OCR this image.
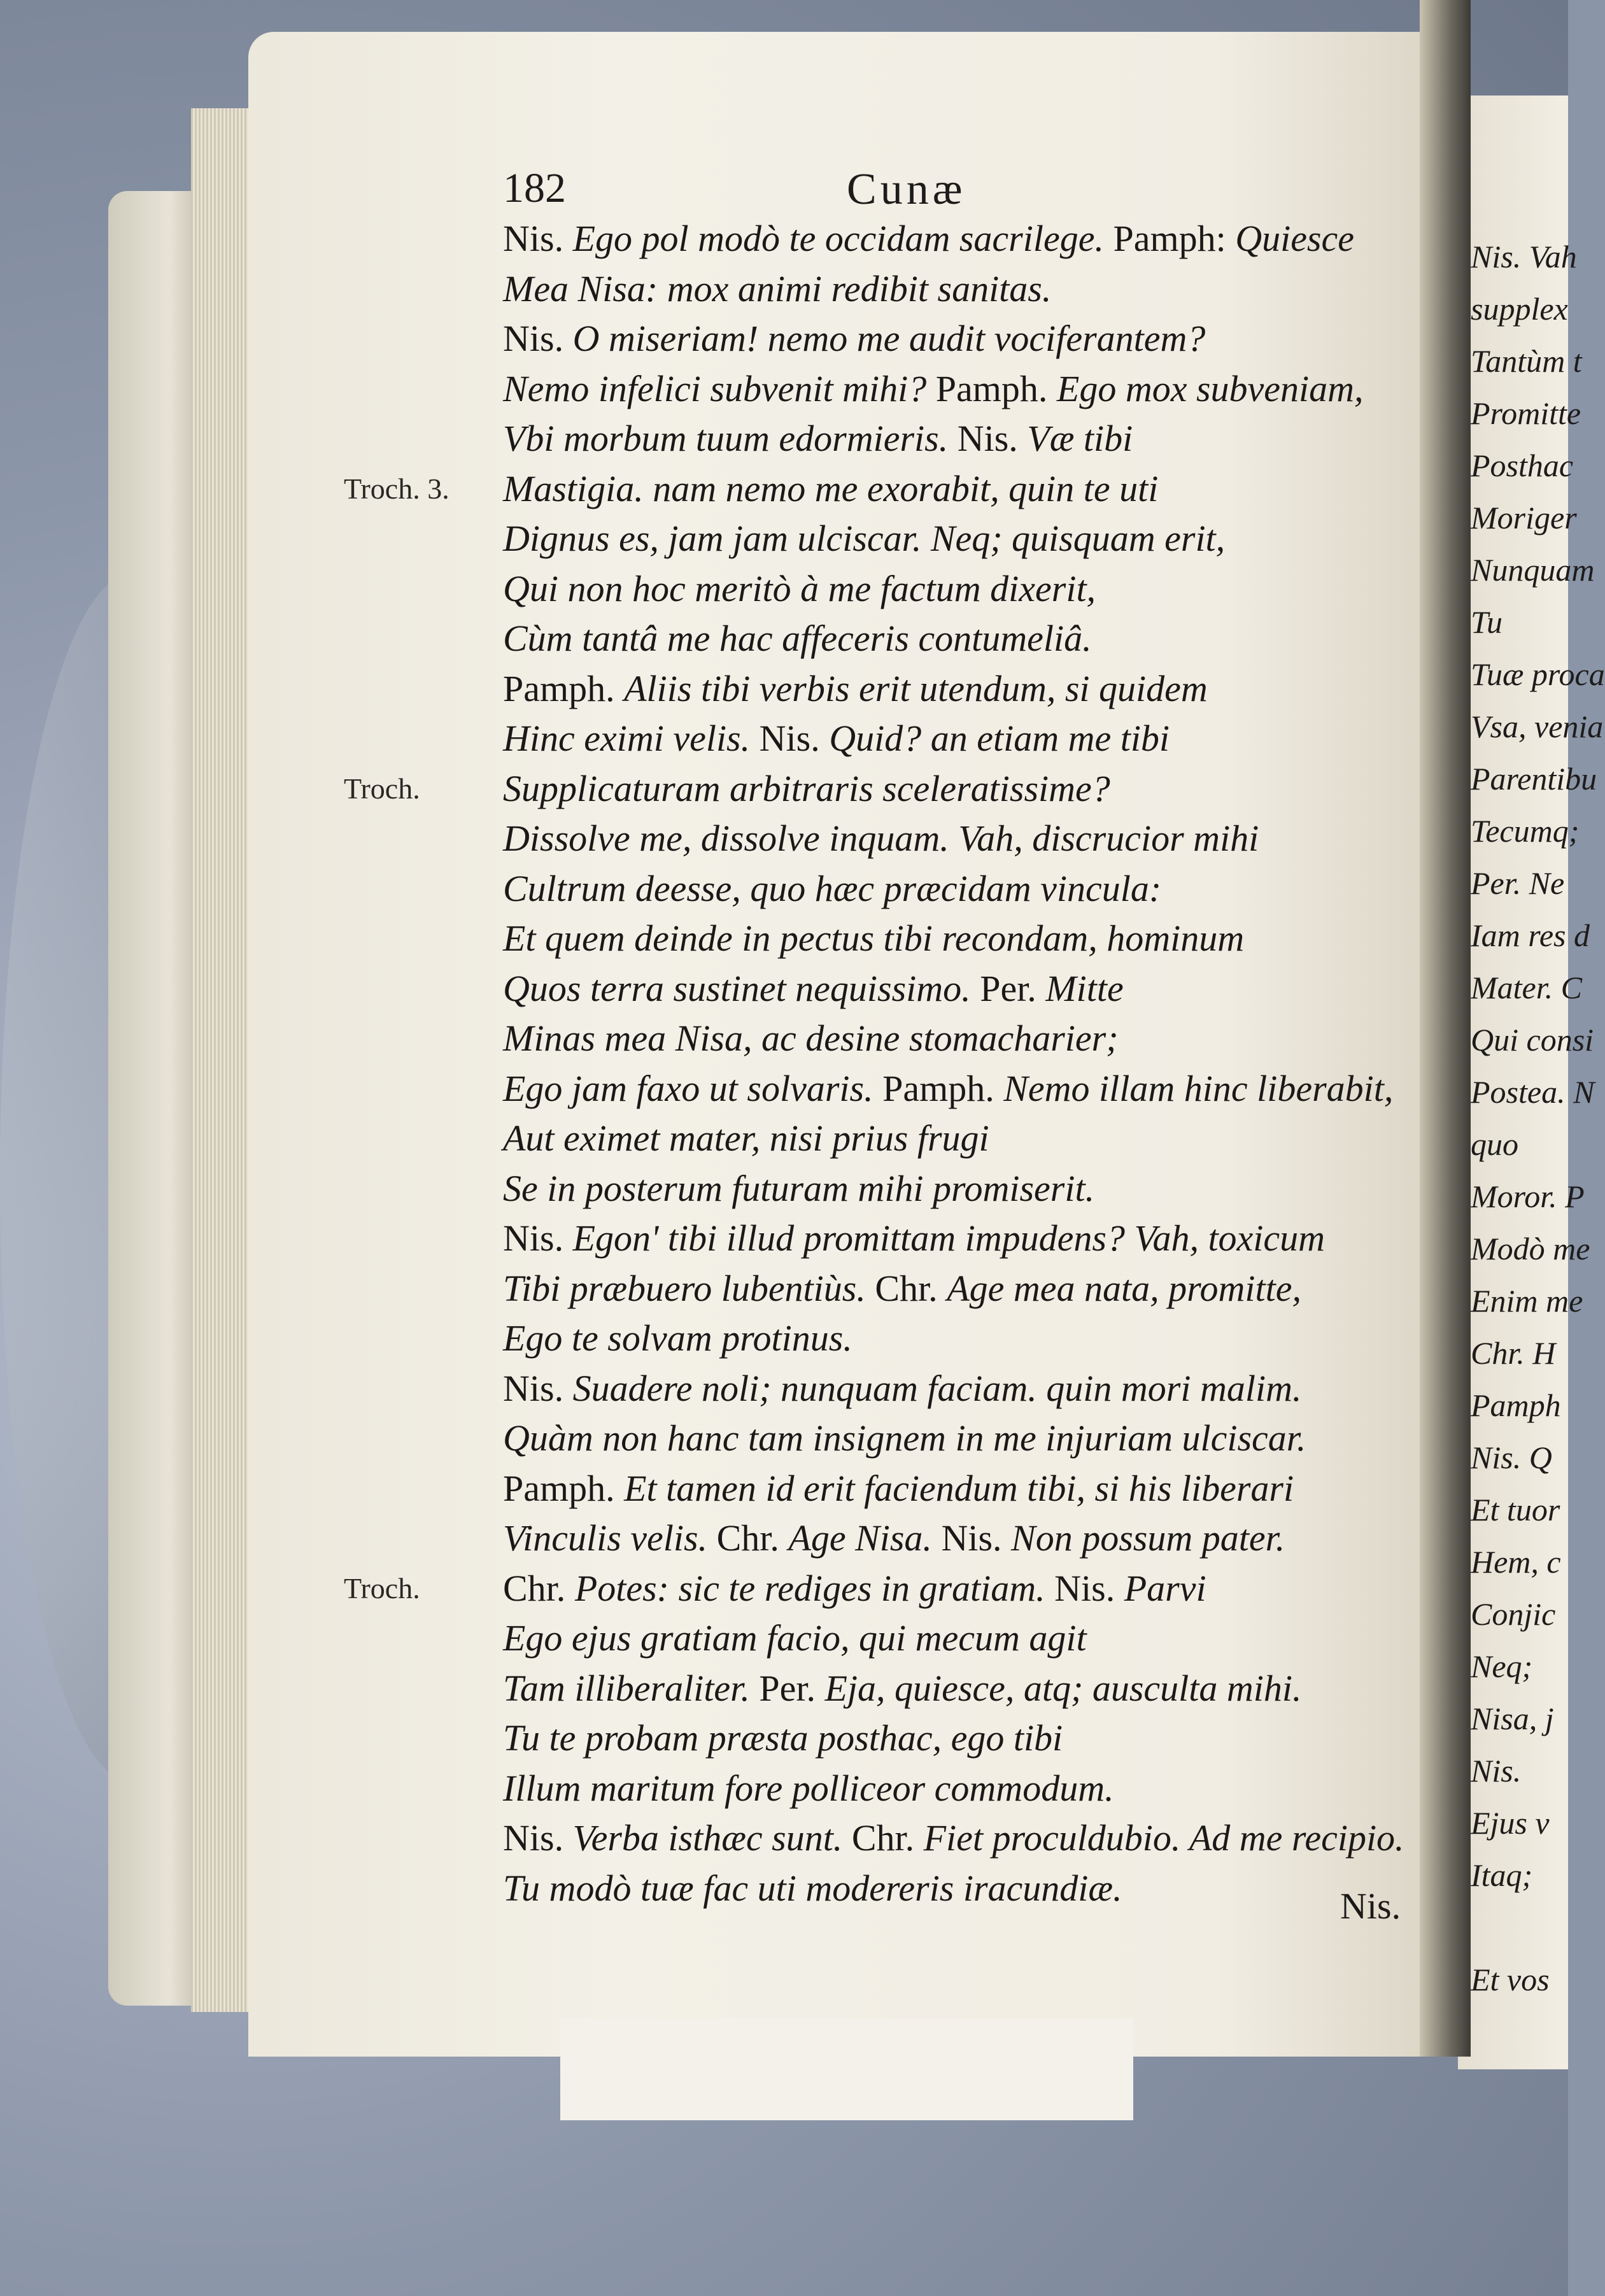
182	Cunæ
Nis. Ego pol modò te occidam sacrilege. Pamph: Quiesce
Mea Nisa: mox animi redibit sanitas.
Nis. O miseriam! nemo me audit vociferantem?
Nemo infelici subvenit mihi? Pamph. Ego mox subveniam,
Vbi morbum tuum edormieris. Nis. Væ tibi
Mastigia. nam nemo me exorabit, quin te uti
Dignus es, jam jam ulciscar. Neq; quisquam erit,
Qui non hoc meritò à me factum dixerit,
Cùm tantâ me hac affeceris contumeliâ.
Pamph. Aliis tibi verbis erit utendum, si quidem
Hinc eximi velis. Nis. Quid? an etiam me tibi
Supplicaturam arbitraris sceleratissime?
Dissolve me, dissolve inquam. Vah, discrucior mihi
Cultrum deesse, quo hæc præcidam vincula:
Et quem deinde in pectus tibi recondam, hominum
Quos terra sustinet nequissimo. Per. Mitte
Minas mea Nisa, ac desine stomacharier;
Ego jam faxo ut solvaris. Pamph. Nemo illam hinc liberabit,
Aut eximet mater, nisi prius frugi
Se in posterum futuram mihi promiserit.
Nis. Egon' tibi illud promittam impudens? Vah, toxicum
Tibi præbuero lubentiùs. Chr. Age mea nata, promitte,
Ego te solvam protinus.
Nis. Suadere noli; nunquam faciam. quin mori malim.
Quàm non hanc tam insignem in me injuriam ulciscar.
Pamph. Et tamen id erit faciendum tibi, si his liberari
Vinculis velis. Chr. Age Nisa. Nis. Non possum pater.
Chr. Potes: sic te rediges in gratiam. Nis. Parvi
Ego ejus gratiam facio, qui mecum agit
Tam illiberaliter. Per. Eja, quiesce, atq; ausculta mihi.
Tu te probam præsta posthac, ego tibi
Illum maritum fore polliceor commodum.
Nis. Verba isthæc sunt. Chr. Fiet proculdubio. Ad me recipio.
Tu modò tuæ fac uti modereris iracundiæ.
Troch. 3.
Troch.
Troch.
Nis. Vah
supplex
Tantùm t
Promitte
Posthac
Moriger
Nunquam
Tu
Tuæ proca
Vsa, venia
Parentibu
Tecumq;
Per. Ne
Iam res d
Mater. C
Qui consi
Postea. N
quo
Moror. P
Modò me
Enim me
Chr. H
Pamph
Nis. Q
Et tuor
Hem, c
Conjic
Neq;
Nisa, j
Nis.
Ejus v
Itaq;
Et vos
Nis.
